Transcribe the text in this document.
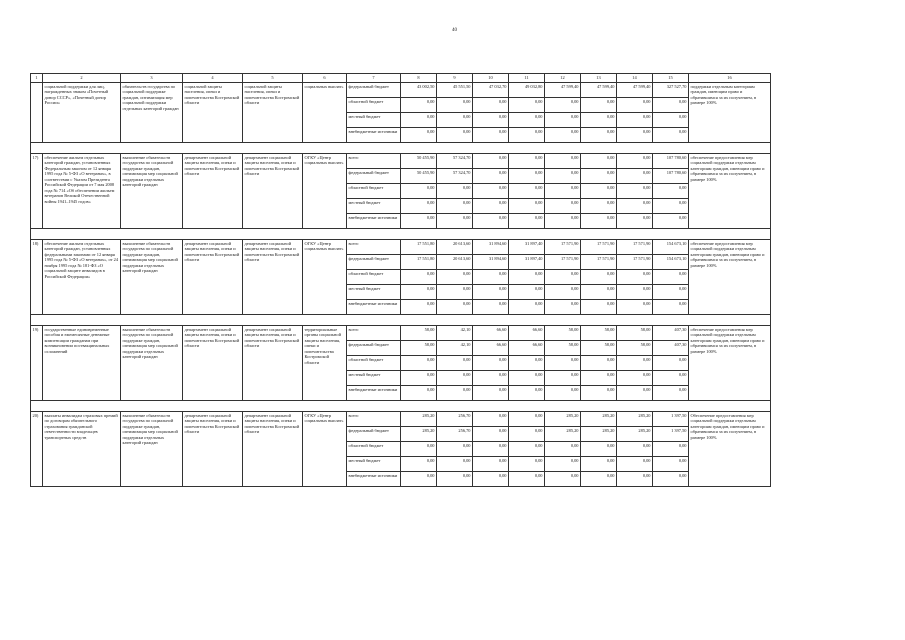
40
1	2	3	4	5	6	7	8	9	10	11	12	13	14	15	16
	социальной поддержки для лиц, награжденных знаком «Почетный донор СССР», «Почетный донор России»	обязательств государства по социальной поддержке граждан, оптимизация мер социальной поддержки отдельных категорий граждан	социальной защиты населения, опеки и попечительства Костромской области	социальной защиты населения, опеки и попечительства Костромской области	социальных выплат»	федеральный бюджет	43 002,50	45 551,50	47 032,70	49 032,80	47 599,40	47 599,40	47 599,40	327 527,70	поддержки отдельным категориям граждан, имеющим право и обратившимся за их получением, в размере 100%
						областной бюджет	0,00	0,00	0,00	0,00	0,00	0,00	0,00	0,00	
						местный бюджет	0,00	0,00	0,00	0,00	0,00	0,00	0,00	0,00	
						внебюджетные источники	0,00	0,00	0,00	0,00	0,00	0,00	0,00	0,00	

17)	обеспечение жильем отдельных категорий граждан, установленных Федеральным законом от 12 января 1995 года № 5-ФЗ «О ветеранах», в соответствии с Указом Президента Российской Федерации от 7 мая 2008 года № 714 «Об обеспечении жильем ветеранов Великой Отечественной войны 1941–1945 годов»	выполнение обязательств государства по социальной поддержке граждан, оптимизация мер социальной поддержки отдельных категорий граждан	департамент социальной защиты населения, опеки и попечительства Костромской области	департамент социальной защиты населения, опеки и попечительства Костромской области	ОГКУ «Центр социальных выплат»	всего	50 455,90	57 324,70	0,00	0,00	0,00	0,00	0,00	107 780,60	обеспечение предоставления мер социальной поддержки отдельным категориям граждан, имеющим право и обратившимся за их получением, в размере 100%
						федеральный бюджет	50 455,90	57 324,70	0,00	0,00	0,00	0,00	0,00	107 780,60	
						областной бюджет	0,00	0,00	0,00	0,00	0,00	0,00	0,00	0,00	
						местный бюджет	0,00	0,00	0,00	0,00	0,00	0,00	0,00	0,00	
						внебюджетные источники	0,00	0,00	0,00	0,00	0,00	0,00	0,00	0,00	

18)	обеспечение жильем отдельных категорий граждан, установленных федеральными законами от 12 января 1995 года № 5-ФЗ «О ветеранах», от 24 ноября 1995 года № 181-ФЗ «О социальной защите инвалидов в Российской Федерации»	выполнение обязательств государства по социальной поддержке граждан, оптимизация мер социальной поддержки отдельных категорий граждан	департамент социальной защиты населения, опеки и попечительства Костромской области	департамент социальной защиты населения, опеки и попечительства Костромской области	ОГКУ «Центр социальных выплат»	всего	17 551,80	20 613,60	31 894,60	31 897,40	17 571,90	17 571,90	17 571,90	154 673,10	обеспечение предоставления мер социальной поддержки отдельным категориям граждан, имеющим право и обратившимся за их получением, в размере 100%
						федеральный бюджет	17 551,80	20 613,60	31 894,60	31 897,40	17 571,90	17 571,90	17 571,90	154 673,10	
						областной бюджет	0,00	0,00	0,00	0,00	0,00	0,00	0,00	0,00	
						местный бюджет	0,00	0,00	0,00	0,00	0,00	0,00	0,00	0,00	
						внебюджетные источники	0,00	0,00	0,00	0,00	0,00	0,00	0,00	0,00	

19)	государственные единовременные пособия и ежемесячные денежные компенсации гражданам при возникновении поствакцинальных осложнений	выполнение обязательств государства по социальной поддержке граждан, оптимизация мер социальной поддержки отдельных категорий граждан	департамент социальной защиты населения, опеки и попечительства Костромской области	департамент социальной защиты населения, опеки и попечительства Костромской области	территориальные органы социальной защиты населения, опеки и попечительства Костромской области	всего	58,00	42,10	66,60	66,60	58,00	58,00	58,00	407,30	обеспечение предоставления мер социальной поддержки отдельным категориям граждан, имеющим право и обратившимся за их получением, в размере 100%
						федеральный бюджет	58,00	42,10	66,60	66,60	58,00	58,00	58,00	407,30	
						областной бюджет	0,00	0,00	0,00	0,00	0,00	0,00	0,00	0,00	
						местный бюджет	0,00	0,00	0,00	0,00	0,00	0,00	0,00	0,00	
						внебюджетные источники	0,00	0,00	0,00	0,00	0,00	0,00	0,00	0,00	

20)	выплаты инвалидам страховых премий по договорам обязательного страхования гражданской ответственности владельцев транспортных средств	выполнение обязательств государства по социальной поддержке граждан, оптимизация мер социальной поддержки отдельных категорий граждан	департамент социальной защиты населения, опеки и попечительства Костромской области	департамент социальной защиты населения, опеки и попечительства Костромской области	ОГКУ «Центр социальных выплат»	всего	285,20	256,70	0,00	0,00	285,20	285,20	285,20	1 397,50	Обеспечение предоставления мер социальной поддержки отдельным категориям граждан, имеющим право и обратившимся за их получением, в размере 100%
						федеральный бюджет	285,20	256,70	0,00	0,00	285,20	285,20	285,20	1 397,50	
						областной бюджет	0,00	0,00	0,00	0,00	0,00	0,00	0,00	0,00	
						местный бюджет	0,00	0,00	0,00	0,00	0,00	0,00	0,00	0,00	
						внебюджетные источники	0,00	0,00	0,00	0,00	0,00	0,00	0,00	0,00	
